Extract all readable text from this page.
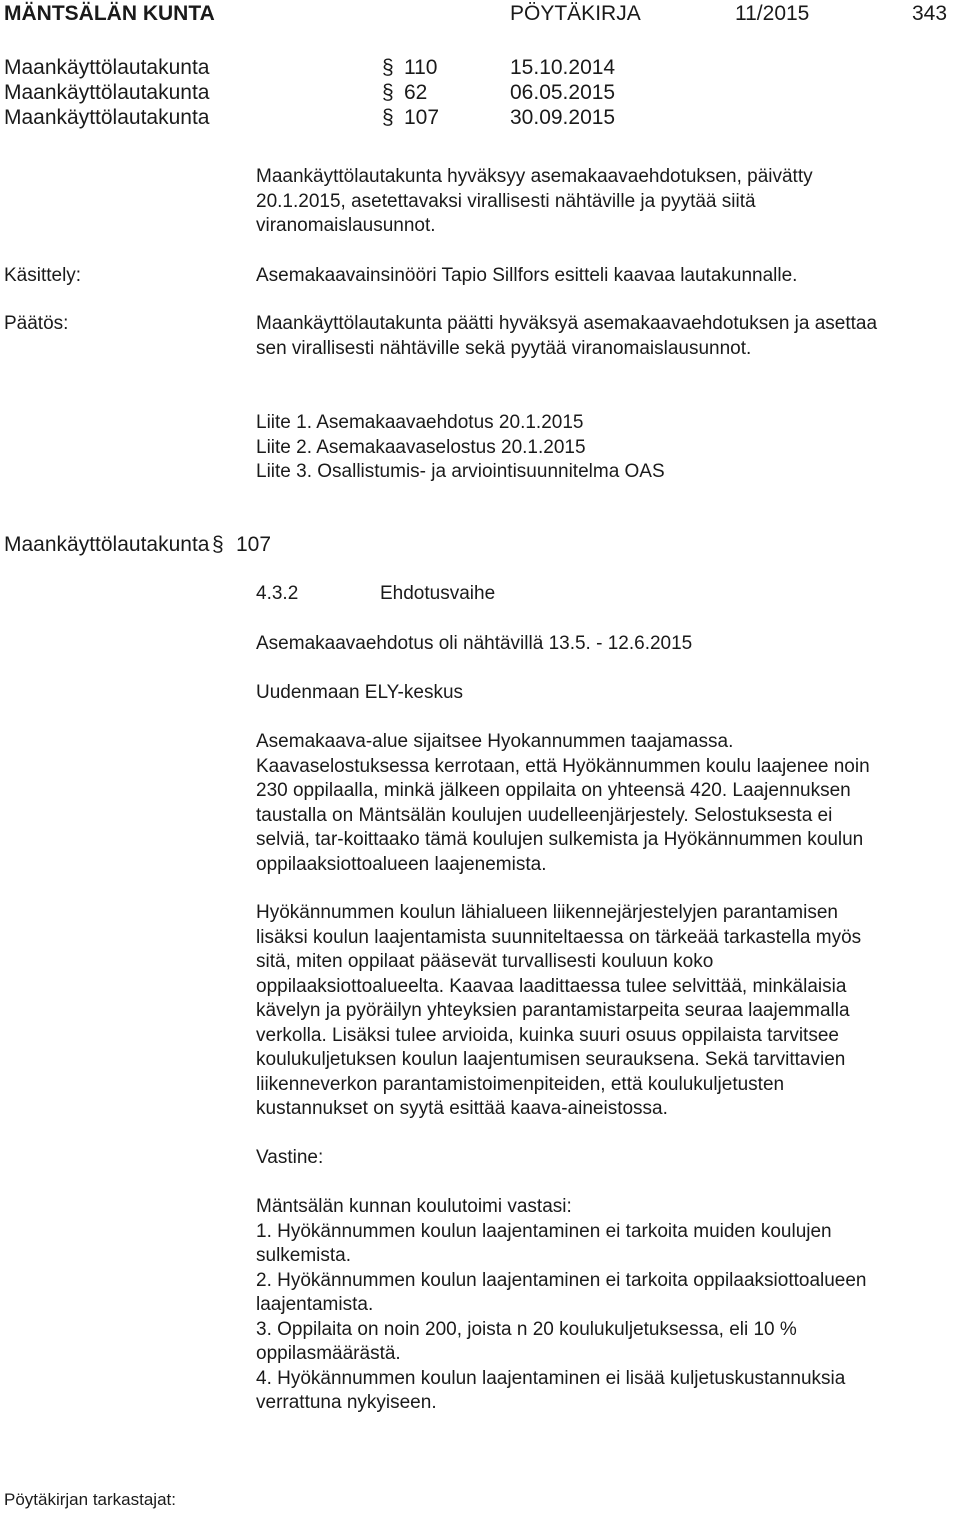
MÄNTSÄLÄN KUNTA	PÖYTÄKIRJA	11/2015	343
Maankäyttölautakunta	§ 110	15.10.2014
Maankäyttölautakunta	§ 62	06.05.2015
Maankäyttölautakunta	§ 107	30.09.2015

Maankäyttölautakunta hyväksyy asemakaavaehdotuksen, päivätty

20.1.2015, asetettavaksi virallisesti nähtäville ja pyytää siitä

viranomaislausunnot.

Käsittely:	Asemakaavainsinööri Tapio Sillfors esitteli kaavaa lautakunnalle.
Päätös:	Maankäyttölautakunta päätti hyväksyä asemakaavaehdotuksen ja asettaa

sen virallisesti nähtäville sekä pyytää viranomaislausunnot.

Liite 1. Asemakaavaehdotus 20.1.2015

Liite 2. Asemakaavaselostus 20.1.2015

Liite 3. Osallistumis- ja arviointisuunnitelma OAS

Maankäyttölautakunta § 107
4.3.2	Ehdotusvaihe
Asemakaavaehdotus oli nähtävillä 13.5. - 12.6.2015
Uudenmaan ELY-keskus

Asemakaava-alue sijaitsee Hyokannummen taajamassa.

Kaavaselostuksessa kerrotaan, että Hyökännummen koulu laajenee noin

230 oppilaalla, minkä jälkeen oppilaita on yhteensä 420. Laajennuksen

taustalla on Mäntsälän koulujen uudelleenjärjestely. Selostuksesta ei

selviä, tar-koittaako tämä koulujen sulkemista ja Hyökännummen koulun

oppilaaksiottoalueen laajenemista.

Hyökännummen koulun lähialueen liikennejärjestelyjen parantamisen

lisäksi koulun laajentamista suunniteltaessa on tärkeää tarkastella myös

sitä, miten oppilaat pääsevät turvallisesti kouluun koko

oppilaaksiottoalueelta. Kaavaa laadittaessa tulee selvittää, minkälaisia

kävelyn ja pyöräilyn yhteyksien parantamistarpeita seuraa laajemmalla

verkolla. Lisäksi tulee arvioida, kuinka suuri osuus oppilaista tarvitsee

koulukuljetuksen koulun laajentumisen seurauksena. Sekä tarvittavien

liikenneverkon parantamistoimenpiteiden, että koulukuljetusten

kustannukset on syytä esittää kaava-aineistossa.

Vastine:

Mäntsälän kunnan koulutoimi vastasi:

1. Hyökännummen koulun laajentaminen ei tarkoita muiden koulujen

sulkemista.

2. Hyökännummen koulun laajentaminen ei tarkoita oppilaaksiottoalueen

laajentamista.

3. Oppilaita on noin 200, joista n 20 koulukuljetuksessa, eli 10 %

oppilasmäärästä.

4. Hyökännummen koulun laajentaminen ei lisää kuljetuskustannuksia

verrattuna nykyiseen.

Pöytäkirjan tarkastajat:
